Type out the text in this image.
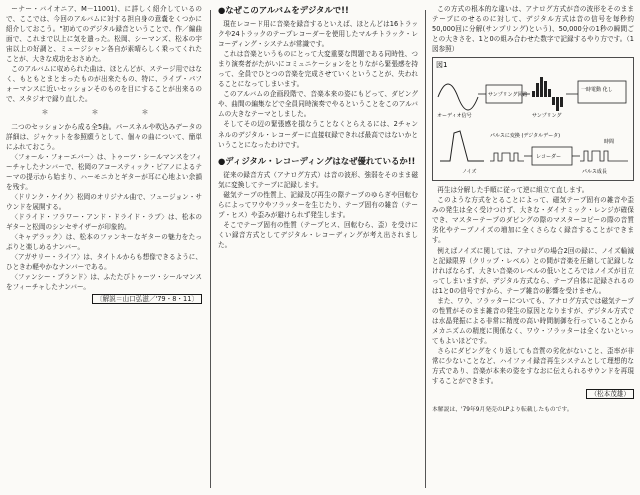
ーナー・バイオニア、M－11001)、に詳しく紹介しているので、ここでは、今回のアルバムに対する担自身の意嚢をくつかに紹介しておこう。"初めてのデジタル録音ということで、作／編曲面で、これまで以上に気を遣った。松岡、シーマンズ、松本の宇宙以上の好調と、ミュージシャン各自が素晴らしく乗ってくれたことが、大きな成功をおさめた。

このアルバムに収められた曲は、ほとんどが、ステージ用ではなく、もともとまとまったものが出来たもの、特に、ライブ・パフォーマンスに近いセッションそのものを目にすることが出来るので、スタジオで録り直した。

＊　＊　＊

二つのセッションから成る全5曲。パースネルや吹込みデータの詳細は、ジャケットを参照願うとして、個々の曲について、簡単にふれておこう。

〈フォール・フォーエバー〉は、トゥーツ・シールマンスをフィーチャしたナンバーで、松岡のアコースティック・ピアノによるテーマの提示から始まり、ハーモニカとギターが耳に心地よい余韻を残す。

〈ドリンク・ケイク〉松岡のオリジナル曲で、フュージョン・サウンドを展開する。

〈ドライド・フラワー・アンド・ドライド・ラブ〉は、松本のギターと松岡のシンセサイザーが印象的。

〈キャデラック〉は、松本のファンキーなギターの魅力をたっぷりと楽しめるナンバー。

〈アガサリー・ライフ〉は、タイトルからも想像できるように、ひときわ軽やかなナンバーである。

〈ファンシー・ブランド〉は、ふたたびトゥーツ・シールマンスをフィーチャしたナンバー。

〔解説＝山口弘滋／'79・8・11〕
●なぜこのアルバムをデジタルで!!

現在レコード用に音楽を録音するといえば、ほとんどは16トラックや24トラックのテープレコーダーを使用したマルチトラック・レコーディング・システムが常識です。

これは音楽というものにとって大変重要な問題である同時性、つまり演奏者がたがいにコミュニケーションをとりながら緊張感を持って、全員でひとつの音楽を完成させていくということが、失われることになってしまいます。

このアルバムの企画段階で、音楽本来の姿にもどって、ダビングや、曲間の編集などで全員同時演奏でやるということをこのアルバムの大きなテーマとしました。

そしてその辺の緊張感を損なうことなくとらえるには、2チャンネルのデジタル・レコーダーに直接収録できれば最高ではないかということになったわけです。

●ディジタル・レコーディングはなぜ優れているか!!

従来の録音方式（アナログ方式）は音の波形、強弱をそのまま磁気に変換してテープに記録します。

磁気テープの性質上、記録及び再生の際テープのゆらぎや回転むらによってワウやフラッターを生じたり、テープ固有の雑音（テープ・ヒス）や歪みが避けられず発生します。

そこでテープ固有の性質（テープヒス、回転むら、歪）を受けにくい録音方式としてデジタル・レコーディングが考え出されました。

この方式の根本的な違いは、アナログ方式が音の波形をそのままテープにのせるのに対して、デジタル方式は音の信号を毎秒約50,000回に分解(サンプリング)という)、50,000分の1秒の瞬間ごとの大きさを、1と0の組み合わせた数字で記録するやり方です。（1図参照）

図1
オーディオ信号
サンプリング回路
サンプリング
一時電動 化し
ノイズ
パルスに変換 (デジタルデータ)
レコーダー
パルス成長
時間

再生は分解した手順に従って逆に組立て直します。

このような方式をとることによって、磁気テープ固有の雑音や歪みの発生は全く受けつけず、大きな・ダイナミック・レンジが確保でき、マスターテープのダビングの際のマスターコピーの際の音質劣化やテープノイズの増加に全くさらなく録音することができます。

例えばノイズに関しては、アナログの場合2回の録に、ノイズ輪減と記録限界（クリップ・レベル）との間が音楽を圧縮して記録しなければならず、大きい音楽のレベルの低いところではノイズが目立ってしまいますが、デジタル方式なら、テープ自体に記録されるのは1と0の信号ですから、テープ雑音の影響を受けません。

また、ワウ、フラッターについても、アナログ方式では磁気テープの性質がそのまま雑音の発生の原因となりますが、デジタル方式では水晶発振による非常に精度の高い時間制御を行っていることからメカニズムの精度に関係なく、ワウ・フラッターは全くないといってもよいほどです。

さらにダビングをくり返しても音質の劣化がないこと、歪率が非常に少ないことなど、ハイファイ録音再生システムとして理想的な方式であり、音楽が本来の姿をすなおに伝えられるサウンドを再現することができます。

（松本茂雄）
本解説は、'79年9月発売のLPより転載したものです。
